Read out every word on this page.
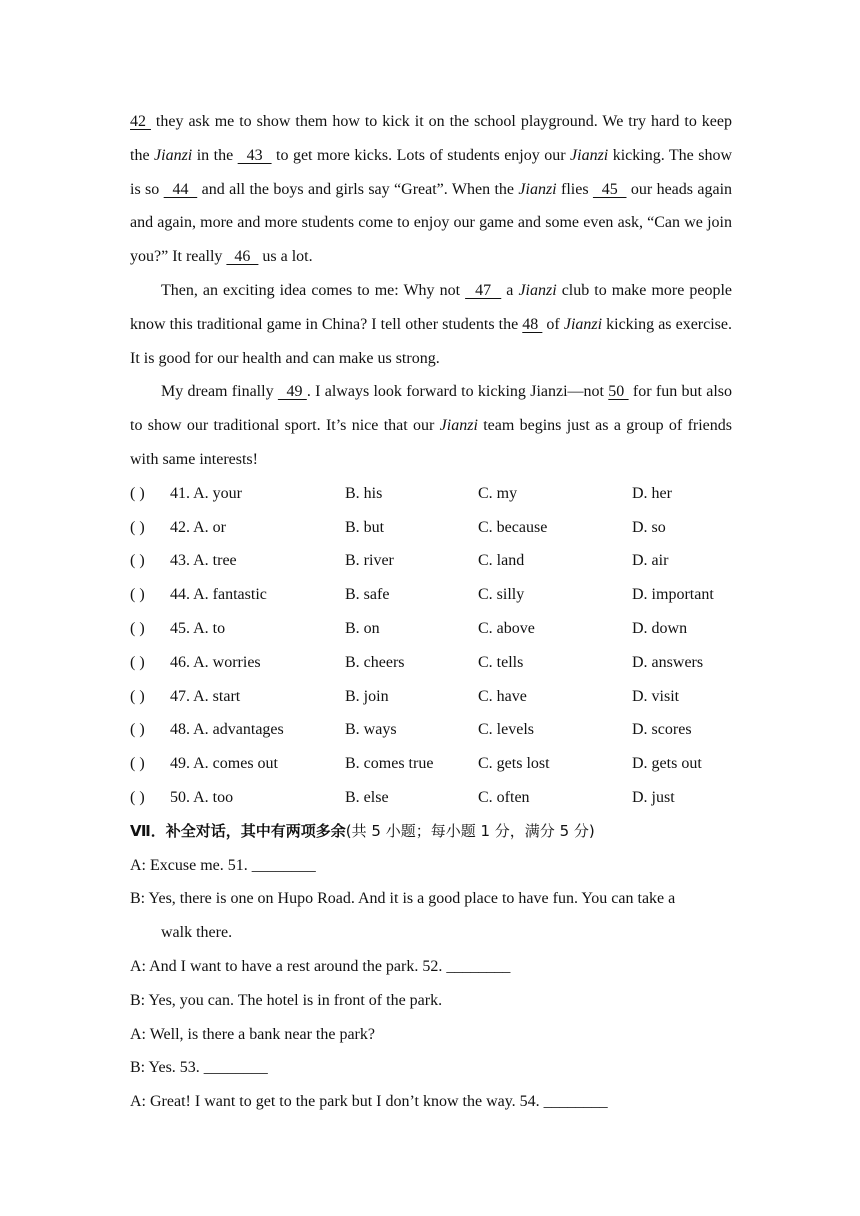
42  they ask me to show them how to kick it on the school playground. We try hard to keep the Jianzi in the   43   to get more kicks. Lots of students enjoy our Jianzi kicking. The show is so   44   and all the boys and girls say “Great”. When the Jianzi flies   45   our heads again and again, more and more students come to enjoy our game and some even ask, “Can we join you?” It really   46   us a lot.

Then, an exciting idea comes to me: Why not   47   a Jianzi club to make more people know this traditional game in China? I tell other students the 48  of Jianzi kicking as exercise. It is good for our health and can make us strong.

My dream finally   49 . I always look forward to kicking Jianzi—not 50  for fun but also to show our traditional sport. It’s nice that our Jianzi team begins just as a group of friends with same interests!

( ) 41. A. your	B. his	C. my	D. her
( ) 42. A. or	B. but	C. because	D. so
( ) 43. A. tree	B. river	C. land	D. air
( ) 44. A. fantastic	B. safe	C. silly	D. important
( ) 45. A. to	B. on	C. above	D. down
( ) 46. A. worries	B. cheers	C. tells	D. answers
( ) 47. A. start	B. join	C. have	D. visit
( ) 48. A. advantages	B. ways	C. levels	D. scores
( ) 49. A. comes out	B. comes true	C. gets lost	D. gets out
( ) 50. A. too	B. else	C. often	D. just

Ⅶ．补全对话，其中有两项多余(共 5 小题；每小题 1 分，满分 5 分)

A: Excuse me. 51. ________

B: Yes, there is one on Hupo Road. And it is a good place to have fun. You can take a

walk there.

A: And I want to have a rest around the park. 52. ________

B: Yes, you can. The hotel is in front of the park.

A: Well, is there a bank near the park?

B: Yes. 53. ________

A: Great! I want to get to the park but I don’t know the way. 54. ________
